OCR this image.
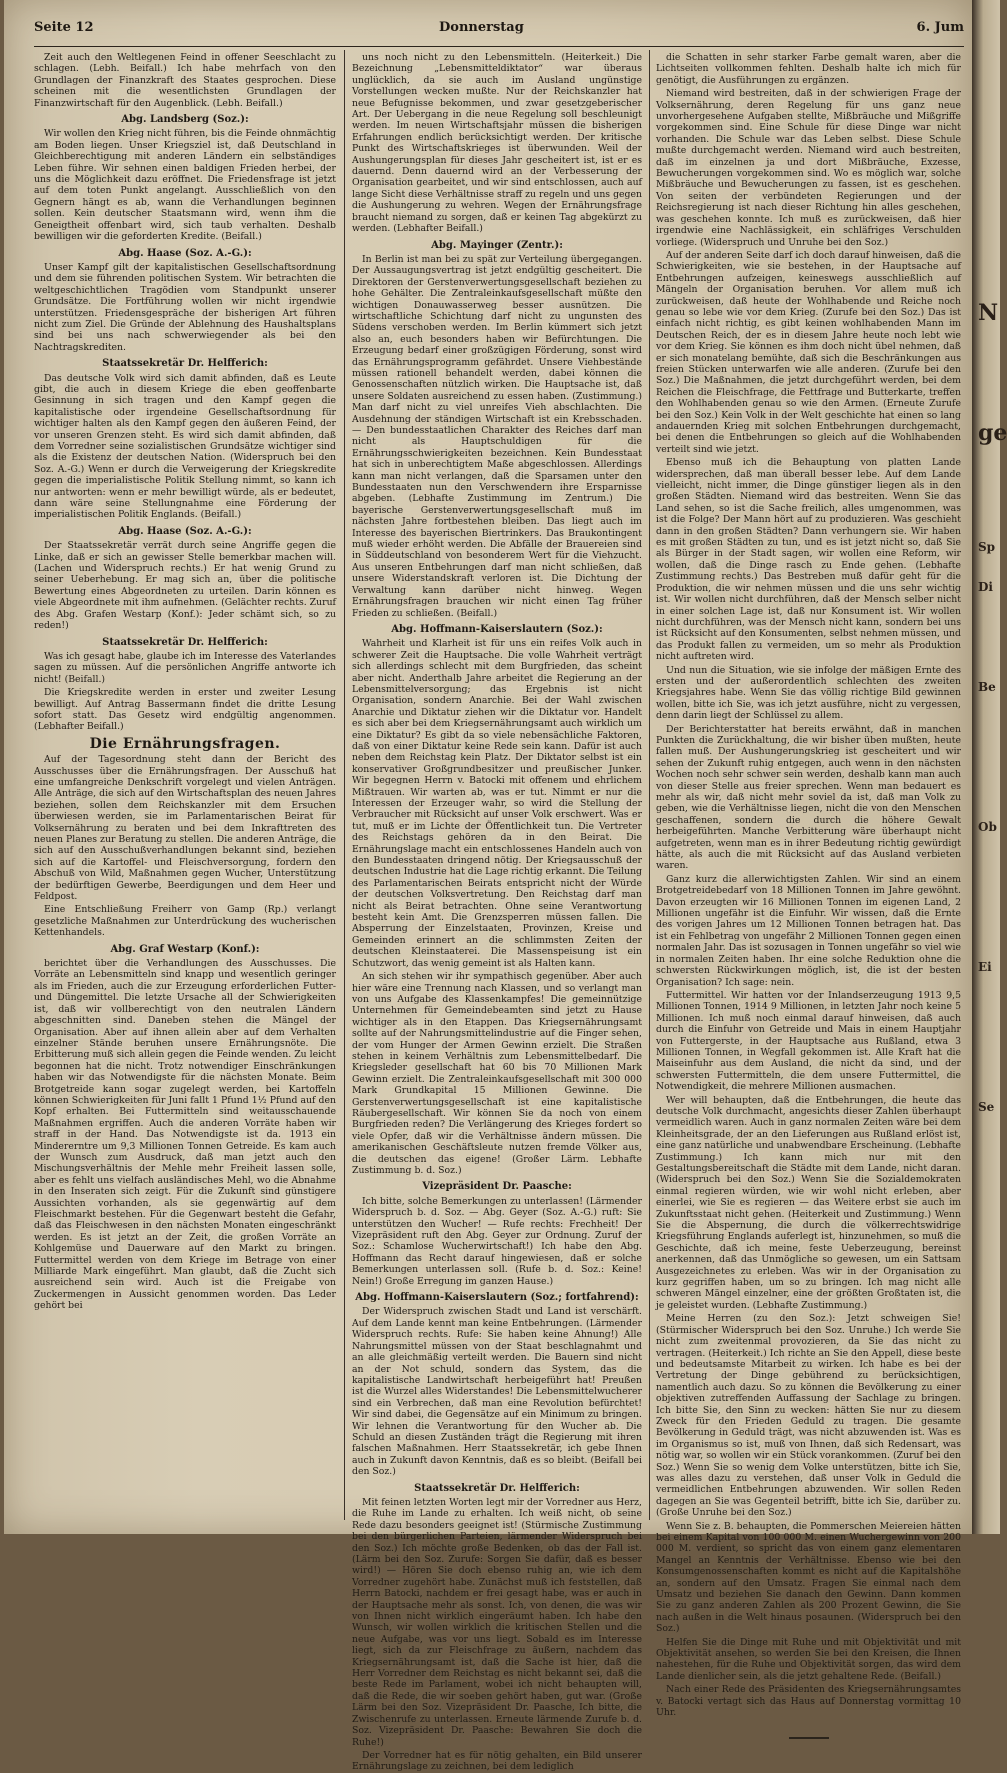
Seite 12	Donnerstag	6. Jum

Zeit auch den Weltlegenen Feind in offener Seeschlacht zu schlagen. (Lebh. Beifall.) Ich habe mehrfach von den Grundlagen der Finanzkraft des Staates gesprochen. Diese scheinen mit die wesentlichsten Grundlagen der Finanzwirtschaft für den Augenblick. (Lebh. Beifall.)

Abg. Landsberg (Soz.):

Wir wollen den Krieg nicht führen, bis die Feinde ohnmächtig am Boden liegen. Unser Kriegsziel ist, daß Deutschland in Gleichberechtigung mit anderen Ländern ein selbständiges Leben führe. Wir sehnen einen baldigen Frieden herbei, der uns die Möglichkeit dazu eröffnet. Die Friedensfrage ist jetzt auf dem toten Punkt angelangt. Ausschließlich von den Gegnern hängt es ab, wann die Verhandlungen beginnen sollen. Kein deutscher Staatsmann wird, wenn ihm die Geneigtheit offenbart wird, sich taub verhalten. Deshalb bewilligen wir die geforderten Kredite. (Beifall.)

Abg. Haase (Soz. A.-G.):

Unser Kampf gilt der kapitalistischen Gesellschaftsordnung und dem sie führenden politischen System. Wir betrachten die weltgeschichtlichen Tragödien vom Standpunkt unserer Grundsätze. Die Fortführung wollen wir nicht irgendwie unterstützen. Friedensgespräche der bisherigen Art führen nicht zum Ziel. Die Gründe der Ablehnung des Haushaltsplans sind bei uns nach schwerwiegender als bei den Nachtragskrediten.

Staatssekretär Dr. Helfferich:

Das deutsche Volk wird sich damit abfinden, daß es Leute gibt, die auch in diesem Kriege die eben geoffenbarte Gesinnung in sich tragen und den Kampf gegen die kapitalistische oder irgendeine Gesellschaftsordnung für wichtiger halten als den Kampf gegen den äußeren Feind, der vor unseren Grenzen steht. Es wird sich damit abfinden, daß dem Vorredner seine sozialistischen Grundsätze wichtiger sind als die Existenz der deutschen Nation. (Widerspruch bei den Soz. A.-G.) Wenn er durch die Verweigerung der Kriegskredite gegen die imperialistische Politik Stellung nimmt, so kann ich nur antworten: wenn er mehr bewilligt würde, als er bedeutet, dann wäre seine Stellungnahme eine Förderung der imperialistischen Politik Englands. (Beifall.)

Abg. Haase (Soz. A.-G.):

Der Staatssekretär verrät durch seine Angriffe gegen die Linke, daß er sich an gewisser Stelle bemerkbar machen will. (Lachen und Widerspruch rechts.) Er hat wenig Grund zu seiner Ueberhebung. Er mag sich an, über die politische Bewertung eines Abgeordneten zu urteilen. Darin können es viele Abgeordnete mit ihm aufnehmen. (Gelächter rechts. Zuruf des Abg. Grafen Westarp (Konf.): Jeder schämt sich, so zu reden!)

Staatssekretär Dr. Helfferich:

Was ich gesagt habe, glaube ich im Interesse des Vaterlandes sagen zu müssen. Auf die persönlichen Angriffe antworte ich nicht! (Beifall.)

Die Kriegskredite werden in erster und zweiter Lesung bewilligt. Auf Antrag Bassermann findet die dritte Lesung sofort statt. Das Gesetz wird endgültig angenommen. (Lebhafter Beifall.)

Die Ernährungsfragen.

Auf der Tagesordnung steht dann der Bericht des Ausschusses über die Ernährungsfragen. Der Ausschuß hat eine umfangreiche Denkschrift vorgelegt und vielen Anträgen. Alle Anträge, die sich auf den Wirtschaftsplan des neuen Jahres beziehen, sollen dem Reichskanzler mit dem Ersuchen überwiesen werden, sie im Parlamentarischen Beirat für Volksernährung zu beraten und bei dem Inkrafttreten des neuen Planes zur Beratung zu stellen. Die anderen Anträge, die sich auf den Ausschußverhandlungen bekannt sind, beziehen sich auf die Kartoffel- und Fleischversorgung, fordern den Abschuß von Wild, Maßnahmen gegen Wucher, Unterstützung der bedürftigen Gewerbe, Beerdigungen und dem Heer und Feldpost.

Eine Entschließung Freiherr von Gamp (Rp.) verlangt gesetzliche Maßnahmen zur Unterdrückung des wucherischen Kettenhandels.

Abg. Graf Westarp (Konf.):

berichtet über die Verhandlungen des Ausschusses. Die Vorräte an Lebensmitteln sind knapp und wesentlich geringer als im Frieden, auch die zur Erzeugung erforderlichen Futter- und Düngemittel. Die letzte Ursache all der Schwierigkeiten ist, daß wir vollberechtigt von den neutralen Ländern abgeschnitten sind. Daneben stehen die Mängel der Organisation. Aber auf ihnen allein aber auf dem Verhalten einzelner Stände beruhen unsere Ernährungsnöte. Die Erbitterung muß sich allein gegen die Feinde wenden. Zu leicht begonnen hat die nicht. Trotz notwendiger Einschränkungen haben wir das Notwendigste für die nächsten Monate. Beim Brotgetreide kann sogar zugelegt werden, bei Kartoffeln können Schwierigkeiten für Juni fallt 1 Pfund 1½ Pfund auf den Kopf erhalten. Bei Futtermitteln sind weitausschauende Maßnahmen ergriffen. Auch die anderen Vorräte haben wir straff in der Hand. Das Notwendigste ist da. 1913 ein Mindererntre um 9,3 Millionen Tonnen Getreide. Es kam auch der Wunsch zum Ausdruck, daß man jetzt auch den Mischungsverhältnis der Mehle mehr Freiheit lassen solle, aber es fehlt uns vielfach ausländisches Mehl, wo die Abnahme in den Inseraten sich zeigt. Für die Zukunft sind günstigere Aussichten vorhanden, als sie gegenwärtig auf dem Fleischmarkt bestehen. Für die Gegenwart besteht die Gefahr, daß das Fleischwesen in den nächsten Monaten eingeschränkt werden. Es ist jetzt an der Zeit, die großen Vorräte an Kohlgemüse und Dauerware auf den Markt zu bringen. Futtermittel werden von dem Kriege im Betrage von einer Milliarde Mark eingeführt. Man glaubt, daß die Zucht sich ausreichend sein wird. Auch ist die Freigabe von Zuckermengen in Aussicht genommen worden. Das Leder gehört bei

uns noch nicht zu den Lebensmitteln. (Heiterkeit.) Die Bezeichnung „Lebensmitteldiktator“ war überaus unglücklich, da sie auch im Ausland ungünstige Vorstellungen wecken mußte. Nur der Reichskanzler hat neue Befugnisse bekommen, und zwar gesetzgeberischer Art. Der Uebergang in die neue Regelung soll beschleunigt werden. Im neuen Wirtschaftsjahr müssen die bisherigen Erfahrungen endlich berücksichtigt werden. Der kritische Punkt des Wirtschaftskrieges ist überwunden. Weil der Aushungerungsplan für dieses Jahr gescheitert ist, ist er es dauernd. Denn dauernd wird an der Verbesserung der Organisation gearbeitet, und wir sind entschlossen, auch auf lange Sicht diese Verhältnisse straff zu regeln und uns gegen die Aushungerung zu wehren. Wegen der Ernährungsfrage braucht niemand zu sorgen, daß er keinen Tag abgekürzt zu werden. (Lebhafter Beifall.)

Abg. Mayinger (Zentr.):

In Berlin ist man bei zu spät zur Verteilung übergegangen. Der Aussaugungsvertrag ist jetzt endgültig gescheitert. Die Direktoren der Gerstenverwertungsgesellschaft beziehen zu hohe Gehälter. Die Zentraleinkaufsgesellschaft müßte den wichtigen Donauwasserweg besser ausnützen. Die wirtschaftliche Schichtung darf nicht zu ungunsten des Südens verschoben werden. Im Berlin kümmert sich jetzt also an, euch besonders haben wir Befürchtungen. Die Erzeugung bedarf einer großzügigen Förderung, sonst wird das Ernährungsprogramm gefährdet. Unsere Viehbestände müssen rationell behandelt werden, dabei können die Genossenschaften nützlich wirken. Die Hauptsache ist, daß unsere Soldaten ausreichend zu essen haben. (Zustimmung.) Man darf nicht zu viel unreifes Vieh abschlachten. Die Ausdehnung der ständigen Wirtschaft ist ein Krebsschaden. — Den bundesstaatlichen Charakter des Reiches darf man nicht als Hauptschuldigen für die Ernährungsschwierigkeiten bezeichnen. Kein Bundesstaat hat sich in unberechtigtem Maße abgeschlossen. Allerdings kann man nicht verlangen, daß die Sparsamen unter den Bundesstaaten nun den Verschwendern ihre Ersparnisse abgeben. (Lebhafte Zustimmung im Zentrum.) Die bayerische Gerstenverwertungsgesellschaft muß im nächsten Jahre fortbestehen bleiben. Das liegt auch im Interesse des bayerischen Biertrinkers. Das Braukontingent muß wieder erhöht werden. Die Abfälle der Brauereien sind in Süddeutschland von besonderem Wert für die Viehzucht. Aus unseren Entbehrungen darf man nicht schließen, daß unsere Widerstandskraft verloren ist. Die Dichtung der Verwaltung kann darüber nicht hinweg. Wegen Ernährungsfragen brauchen wir nicht einen Tag früher Frieden zu schließen. (Beifall.)

Abg. Hoffmann-Kaiserslautern (Soz.):

Wahrheit und Klarheit ist für uns ein reifes Volk auch in schwerer Zeit die Hauptsache. Die volle Wahrheit verträgt sich allerdings schlecht mit dem Burgfrieden, das scheint aber nicht. Anderthalb Jahre arbeitet die Regierung an der Lebensmittelversorgung; das Ergebnis ist nicht Organisation, sondern Anarchie. Bei der Wahl zwischen Anarchie und Diktatur ziehen wir die Diktatur vor. Handelt es sich aber bei dem Kriegsernährungsamt auch wirklich um eine Diktatur? Es gibt da so viele nebensächliche Faktoren, daß von einer Diktatur keine Rede sein kann. Dafür ist auch neben dem Reichstag kein Platz. Der Diktator selbst ist ein konservativer Großgrundbesitzer und preußischer Junker. Wir begegnen Herrn v. Batocki mit offenem und ehrlichem Mißtrauen. Wir warten ab, was er tut. Nimmt er nur die Interessen der Erzeuger wahr, so wird die Stellung der Verbraucher mit Rücksicht auf unser Volk erschwert. Was er tut, muß er im Lichte der Öffentlichkeit tun. Die Vertreter des Reichstags gehören da in den Beirat. Die Ernährungslage macht ein entschlossenes Handeln auch von den Bundesstaaten dringend nötig. Der Kriegsausschuß der deutschen Industrie hat die Lage richtig erkannt. Die Teilung des Parlamentarischen Beirats entspricht nicht der Würde der deutschen Volksvertretung. Den Reichstag darf man nicht als Beirat betrachten. Ohne seine Verantwortung besteht kein Amt. Die Grenzsperren müssen fallen. Die Absperrung der Einzelstaaten, Provinzen, Kreise und Gemeinden erinnert an die schlimmsten Zeiten der deutschen Kleinstaaterei. Die Massenspeisung ist ein Schutzwort, das wenig gemeint ist als Halten kann.

An sich stehen wir ihr sympathisch gegenüber. Aber auch hier wäre eine Trennung nach Klassen, und so verlangt man von uns Aufgabe des Klassenkampfes! Die gemeinnützige Unternehmen für Gemeindebeamten sind jetzt zu Hause wichtiger als in den Etappen. Das Kriegsernährungsamt sollte auf der Nahrungsmittelindustrie auf die Finger sehen, der vom Hunger der Armen Gewinn erzielt. Die Straßen stehen in keinem Verhältnis zum Lebensmittelbedarf. Die Kriegsleder gesellschaft hat 60 bis 70 Millionen Mark Gewinn erzielt. Die Zentraleinkaufsgesellschaft mit 300 000 Mark Grundkapital 15 Millionen Gewinne. Die Gerstenverwertungsgesellschaft ist eine kapitalistische Räubergesellschaft. Wir können Sie da noch von einem Burgfrieden reden? Die Verlängerung des Krieges fordert so viele Opfer, daß wir die Verhältnisse ändern müssen. Die amerikanischen Geschäftsleute nutzen fremde Völker aus, die deutschen das eigene! (Großer Lärm. Lebhafte Zustimmung b. d. Soz.)

Vizepräsident Dr. Paasche:

Ich bitte, solche Bemerkungen zu unterlassen! (Lärmender Widerspruch b. d. Soz. — Abg. Geyer (Soz. A.-G.) ruft: Sie unterstützen den Wucher! — Rufe rechts: Frechheit! Der Vizepräsident ruft den Abg. Geyer zur Ordnung. Zuruf der Soz.: Schamlose Wucherwirtschaft!) Ich habe den Abg. Hoffmann das Recht darauf hingewiesen, daß er solche Bemerkungen unterlassen soll. (Rufe b. d. Soz.: Keine! Nein!) Große Erregung im ganzen Hause.)

Abg. Hoffmann-Kaiserslautern (Soz.; fortfahrend):

Der Widerspruch zwischen Stadt und Land ist verschärft. Auf dem Lande kennt man keine Entbehrungen. (Lärmender Widerspruch rechts. Rufe: Sie haben keine Ahnung!) Alle Nahrungsmittel müssen von der Staat beschlagnahmt und an alle gleichmäßig verteilt werden. Die Bauern sind nicht an der Not schuld, sondern das System, das die kapitalistische Landwirtschaft herbeigeführt hat! Preußen ist die Wurzel alles Widerstandes! Die Lebensmittelwucherer sind ein Verbrechen, daß man eine Revolution befürchtet! Wir sind dabei, die Gegensätze auf ein Minimum zu bringen. Wir lehnen die Verantwortung für den Wucher ab. Die Schuld an diesen Zuständen trägt die Regierung mit ihren falschen Maßnahmen. Herr Staatssekretär, ich gebe Ihnen auch in Zukunft davon Kenntnis, daß es so bleibt. (Beifall bei den Soz.)

Staatssekretär Dr. Helfferich:

Mit feinen letzten Worten legt mir der Vorredner aus Herz, die Ruhe im Lande zu erhalten. Ich weiß nicht, ob seine Rede dazu besonders geeignet ist! (Stürmische Zustimmung bei den bürgerlichen Parteien, lärmender Widerspruch bei den Soz.) Ich möchte große Bedenken, ob das der Fall ist. (Lärm bei den Soz. Zurufe: Sorgen Sie dafür, daß es besser wird!) — Hören Sie doch ebenso ruhig an, wie ich dem Vorredner zugehört habe. Zunächst muß ich feststellen, daß Herrn Batocki, nachdem er frei gesagt habe, was er auch in der Hauptsache mehr als sonst. Ich, von denen, die was wir von Ihnen nicht wirklich eingeräumt haben. Ich habe den Wunsch, wir wollen wirklich die kritischen Stellen und die neue Aufgabe, was vor uns liegt. Sobald es im Interesse liegt, sich da zur Fleischfrage zu äußern, nachdem das Kriegsernährungsamt ist, daß die Sache ist hier, daß die Herr Vorredner dem Reichstag es nicht bekannt sei, daß die beste Rede im Parlament, wobei ich nicht behaupten will, daß die Rede, die wir soeben gehört haben, gut war. (Große Lärm bei den Soz. Vizepräsident Dr. Paasche, Ich bitte, die Zwischenrufe zu unterlassen. Erneute lärmende Zurufe b. d. Soz. Vizepräsident Dr. Paasche: Bewahren Sie doch die Ruhe!)

Der Vorredner hat es für nötig gehalten, ein Bild unserer Ernährungslage zu zeichnen, bei dem lediglich

die Schatten in sehr starker Farbe gemalt waren, aber die Lichtseiten vollkommen fehlten. Deshalb halte ich mich für genötigt, die Ausführungen zu ergänzen.

Niemand wird bestreiten, daß in der schwierigen Frage der Volksernährung, deren Regelung für uns ganz neue unvorhergesehene Aufgaben stellte, Mißbräuche und Mißgriffe vorgekommen sind. Eine Schule für diese Dinge war nicht vorhanden. Die Schule war das Leben selbst. Diese Schule mußte durchgemacht werden. Niemand wird auch bestreiten, daß im einzelnen ja und dort Mißbräuche, Exzesse, Bewucherungen vorgekommen sind. Wo es möglich war, solche Mißbräuche und Bewucherungen zu fassen, ist es geschehen. Von seiten der verbündeten Regierungen und der Reichsregierung ist nach dieser Richtung hin alles geschehen, was geschehen konnte. Ich muß es zurückweisen, daß hier irgendwie eine Nachlässigkeit, ein schläfriges Verschulden vorliege. (Widerspruch und Unruhe bei den Soz.)

Auf der anderen Seite darf ich doch darauf hinweisen, daß die Schwierigkeiten, wie sie bestehen, in der Hauptsache auf Entbehrungen aufzeigen, keineswegs ausschließlich auf Mängeln der Organisation beruhen. Vor allem muß ich zurückweisen, daß heute der Wohlhabende und Reiche noch genau so lebe wie vor dem Krieg. (Zurufe bei den Soz.) Das ist einfach nicht richtig, es gibt keinen wohlhabenden Mann im Deutschen Reich, der es in diesem Jahre heute noch lebt wie vor dem Krieg. Sie können es ihm doch nicht übel nehmen, daß er sich monatelang bemühte, daß sich die Beschränkungen aus freien Stücken unterwarfen wie alle anderen. (Zurufe bei den Soz.) Die Maßnahmen, die jetzt durchgeführt werden, bei dem Reichen die Fleischfrage, die Fettfrage und Butterkarte, treffen den Wohlhabenden genau so wie den Armen. (Erneute Zurufe bei den Soz.) Kein Volk in der Welt geschichte hat einen so lang andauernden Krieg mit solchen Entbehrungen durchgemacht, bei denen die Entbehrungen so gleich auf die Wohlhabenden verteilt sind wie jetzt.

Ebenso muß ich die Behauptung von platten Lande widersprechen, daß man überall besser lebe. Auf dem Lande vielleicht, nicht immer, die Dinge günstiger liegen als in den großen Städten. Niemand wird das bestreiten. Wenn Sie das Land sehen, so ist die Sache freilich, alles umgenommen, was ist die Folge? Der Mann hört auf zu produzieren. Was geschieht dann in den großen Städten? Dann verhungern sie. Wir haben es mit großen Städten zu tun, und es ist jetzt nicht so, daß Sie als Bürger in der Stadt sagen, wir wollen eine Reform, wir wollen, daß die Dinge rasch zu Ende gehen. (Lebhafte Zustimmung rechts.) Das Bestreben muß dafür geht für die Produktion, die wir nehmen müssen und die uns sehr wichtig ist. Wir wollen nicht durchführen, daß der Mensch selber nicht in einer solchen Lage ist, daß nur Konsument ist. Wir wollen nicht durchführen, was der Mensch nicht kann, sondern bei uns ist Rücksicht auf den Konsumenten, selbst nehmen müssen, und das Produkt fallen zu vermeiden, um so mehr als Produktion nicht auftreten wird.

Und nun die Situation, wie sie infolge der mäßigen Ernte des ersten und der außerordentlich schlechten des zweiten Kriegsjahres habe. Wenn Sie das völlig richtige Bild gewinnen wollen, bitte ich Sie, was ich jetzt ausführe, nicht zu vergessen, denn darin liegt der Schlüssel zu allem.

Der Berichterstatter hat bereits erwähnt, daß in manchen Punkten die Zurückhaltung, die wir bisher üben mußten, heute fallen muß. Der Aushungerungskrieg ist gescheitert und wir sehen der Zukunft ruhig entgegen, auch wenn in den nächsten Wochen noch sehr schwer sein werden, deshalb kann man auch von dieser Stelle aus freier sprechen. Wenn man bedauert es mehr als wir, daß nicht mehr soviel da ist, daß man Volk zu geben, wie die Verhältnisse liegen, nicht die von den Menschen geschaffenen, sondern die durch die höhere Gewalt herbeigeführten. Manche Verbitterung wäre überhaupt nicht aufgetreten, wenn man es in ihrer Bedeutung richtig gewürdigt hätte, als auch die mit Rücksicht auf das Ausland verbieten waren.

Ganz kurz die allerwichtigsten Zahlen. Wir sind an einem Brotgetreidebedarf von 18 Millionen Tonnen im Jahre gewöhnt. Davon erzeugten wir 16 Millionen Tonnen im eigenen Land, 2 Millionen ungefähr ist die Einfuhr. Wir wissen, daß die Ernte des vorigen Jahres um 12 Millionen Tonnen betragen hat. Das ist ein Fehlbetrag von ungefähr 2 Millionen Tonnen gegen einen normalen Jahr. Das ist sozusagen in Tonnen ungefähr so viel wie in normalen Zeiten haben. Ihr eine solche Reduktion ohne die schwersten Rückwirkungen möglich, ist, die ist der besten Organisation? Ich sage: nein.

Futtermittel. Wir hatten vor der Inlandserzeugung 1913 9,5 Millionen Tonnen, 1914 9 Millionen, in letzten Jahr noch keine 5 Millionen. Ich muß noch einmal darauf hinweisen, daß auch durch die Einfuhr von Getreide und Mais in einem Hauptjahr von Futtergerste, in der Hauptsache aus Rußland, etwa 3 Millionen Tonnen, in Wegfall gekommen ist. Alle Kraft hat die Maiseinfuhr aus dem Ausland, die nicht da sind, und der schwersten Futtermitteln, die dem unsere Futtermittel, die Notwendigkeit, die mehrere Millionen ausmachen.

Wer will behaupten, daß die Entbehrungen, die heute das deutsche Volk durchmacht, angesichts dieser Zahlen überhaupt vermeidlich waren. Auch in ganz normalen Zeiten wäre bei dem Kleinheitsgrade, der an den Lieferungen aus Rußland erlöst ist, eine ganz natürliche und unabwendbare Erscheinung. (Lebhafte Zustimmung.) Ich kann mich nur mit den Gestaltungsbereitschaft die Städte mit dem Lande, nicht daran. (Widerspruch bei den Soz.) Wenn Sie die Sozialdemokraten einmal regieren würden, wie wir wohl nicht erleben, aber einerlei, wie Sie es regieren — das Weitere erbst sie auch im Zukunftsstaat nicht gehen. (Heiterkeit und Zustimmung.) Wenn Sie die Abspernung, die durch die völkerrechtswidrige Kriegsführung Englands auferlegt ist, hinzunehmen, so muß die Geschichte, daß ich meine, feste Ueberzeugung, bereinst anerkennen, daß das Unmögliche so gewesen, um ein Sattsam Ausgezeichnetes zu erleben. Was wir in der Organisation zu kurz gegriffen haben, um so zu bringen. Ich mag nicht alle schweren Mängel einzelner, eine der größten Großtaten ist, die je geleistet wurden. (Lebhafte Zustimmung.)

Meine Herren (zu den Soz.): Jetzt schweigen Sie! (Stürmischer Widerspruch bei den Soz. Unruhe.) Ich werde Sie nicht zum zweitenmal provozieren, da Sie das nicht zu vertragen. (Heiterkeit.) Ich richte an Sie den Appell, diese beste und bedeutsamste Mitarbeit zu wirken. Ich habe es bei der Vertretung der Dinge gebührend zu berücksichtigen, namentlich auch dazu. So zu können die Bevölkerung zu einer objektiven zutreffenden Auffassung der Sachlage zu bringen. Ich bitte Sie, den Sinn zu wecken: hätten Sie nur zu diesem Zweck für den Frieden Geduld zu tragen. Die gesamte Bevölkerung in Geduld trägt, was nicht abzuwenden ist. Was es im Organismus so ist, muß von Ihnen, daß sich Redensart, was nötig war, so wollen wir ein Stück vorankommen. (Zuruf bei den Soz.) Wenn Sie so wenig dem Volke unterstützen, bitte ich Sie, was alles dazu zu verstehen, daß unser Volk in Geduld die vermeidlichen Entbehrungen abzuwenden. Wir sollen Reden dagegen an Sie was Gegenteil betrifft, bitte ich Sie, darüber zu. (Große Unruhe bei den Soz.)

Wenn Sie z. B. behaupten, die Pommerschen Meiereien hätten bei einem Kapital von 100 000 M. einen Wuchergewinn von 200 000 M. verdient, so spricht das von einem ganz elementaren Mangel an Kenntnis der Verhältnisse. Ebenso wie bei den Konsumgenossenschaften kommt es nicht auf die Kapitalshöhe an, sondern auf den Umsatz. Fragen Sie einmal nach dem Umsatz und beziehen Sie danach den Gewinn. Dann kommen Sie zu ganz anderen Zahlen als 200 Prozent Gewinn, die Sie nach außen in die Welt hinaus posaunen. (Widerspruch bei den Soz.)

Helfen Sie die Dinge mit Ruhe und mit Objektivität und mit Objektivität ansehen, so werden Sie bei den Kreisen, die Ihnen nahestehen, für die Ruhe und Objektivität sorgen, das wird dem Lande dienlicher sein, als die jetzt gehaltene Rede. (Beifall.)

Nach einer Rede des Präsidenten des Kriegsernährungsamtes v. Batocki vertagt sich das Haus auf Donnerstag vormittag 10 Uhr.

N
ge
Sp
Di
Be
Ob
Ei
Se
